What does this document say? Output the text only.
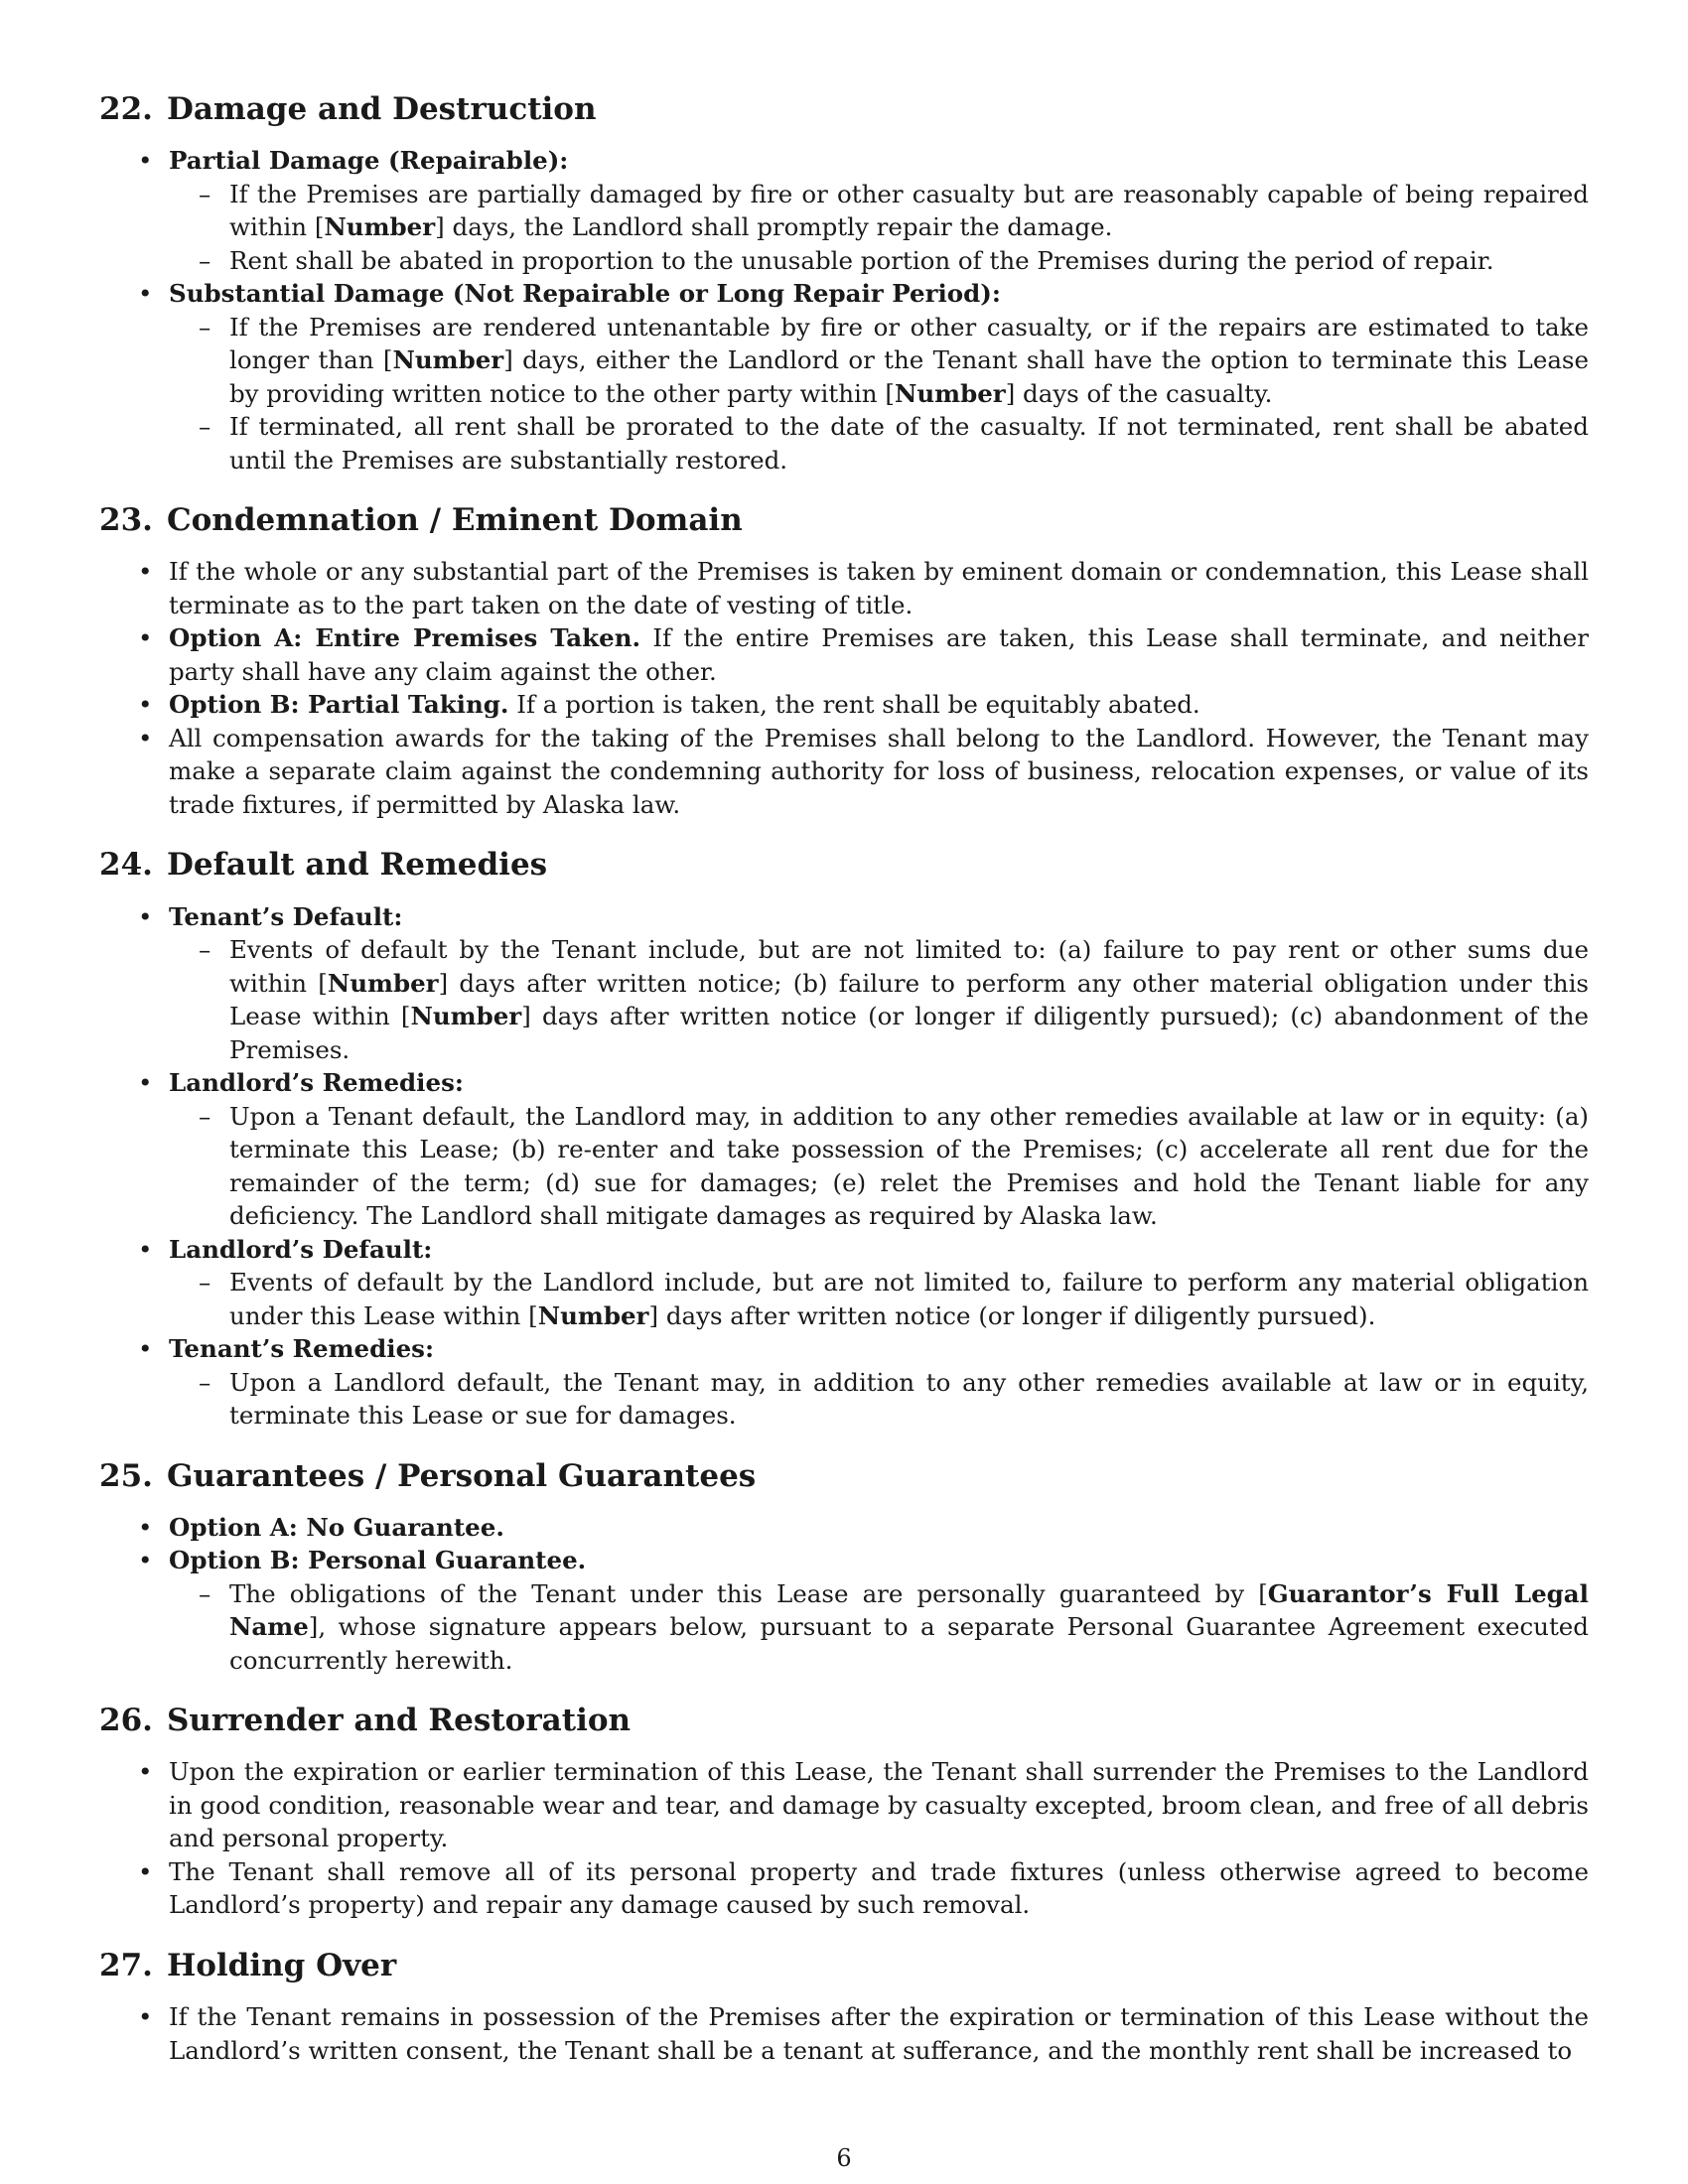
22. Damage and Destruction
• Partial Damage (Repairable):
– If the Premises are partially damaged by fire or other casualty but are reasonably capable of being repaired within [Number] days, the Landlord shall promptly repair the damage.
– Rent shall be abated in proportion to the unusable portion of the Premises during the period of repair.
• Substantial Damage (Not Repairable or Long Repair Period):
– If the Premises are rendered untenantable by fire or other casualty, or if the repairs are estimated to take longer than [Number] days, either the Landlord or the Tenant shall have the option to terminate this Lease by providing written notice to the other party within [Number] days of the casualty.
– If terminated, all rent shall be prorated to the date of the casualty. If not terminated, rent shall be abated until the Premises are substantially restored.
23. Condemnation / Eminent Domain
• If the whole or any substantial part of the Premises is taken by eminent domain or condemnation, this Lease shall terminate as to the part taken on the date of vesting of title.
• Option A: Entire Premises Taken. If the entire Premises are taken, this Lease shall terminate, and neither party shall have any claim against the other.
• Option B: Partial Taking. If a portion is taken, the rent shall be equitably abated.
• All compensation awards for the taking of the Premises shall belong to the Landlord. However, the Tenant may make a separate claim against the condemning authority for loss of business, relocation expenses, or value of its trade fixtures, if permitted by Alaska law.
24. Default and Remedies
• Tenant’s Default:
– Events of default by the Tenant include, but are not limited to: (a) failure to pay rent or other sums due within [Number] days after written notice; (b) failure to perform any other material obligation under this Lease within [Number] days after written notice (or longer if diligently pursued); (c) abandonment of the Premises.
• Landlord’s Remedies:
– Upon a Tenant default, the Landlord may, in addition to any other remedies available at law or in equity: (a) terminate this Lease; (b) re-enter and take possession of the Premises; (c) accelerate all rent due for the remainder of the term; (d) sue for damages; (e) relet the Premises and hold the Tenant liable for any deficiency. The Landlord shall mitigate damages as required by Alaska law.
• Landlord’s Default:
– Events of default by the Landlord include, but are not limited to, failure to perform any material obligation under this Lease within [Number] days after written notice (or longer if diligently pursued).
• Tenant’s Remedies:
– Upon a Landlord default, the Tenant may, in addition to any other remedies available at law or in equity, terminate this Lease or sue for damages.
25. Guarantees / Personal Guarantees
• Option A: No Guarantee.
• Option B: Personal Guarantee.
– The obligations of the Tenant under this Lease are personally guaranteed by [Guarantor’s Full Legal Name], whose signature appears below, pursuant to a separate Personal Guarantee Agreement executed concurrently herewith.
26. Surrender and Restoration
• Upon the expiration or earlier termination of this Lease, the Tenant shall surrender the Premises to the Landlord in good condition, reasonable wear and tear, and damage by casualty excepted, broom clean, and free of all debris and personal property.
• The Tenant shall remove all of its personal property and trade fixtures (unless otherwise agreed to become Landlord’s property) and repair any damage caused by such removal.
27. Holding Over
• If the Tenant remains in possession of the Premises after the expiration or termination of this Lease without the Landlord’s written consent, the Tenant shall be a tenant at sufferance, and the monthly rent shall be increased to
6
